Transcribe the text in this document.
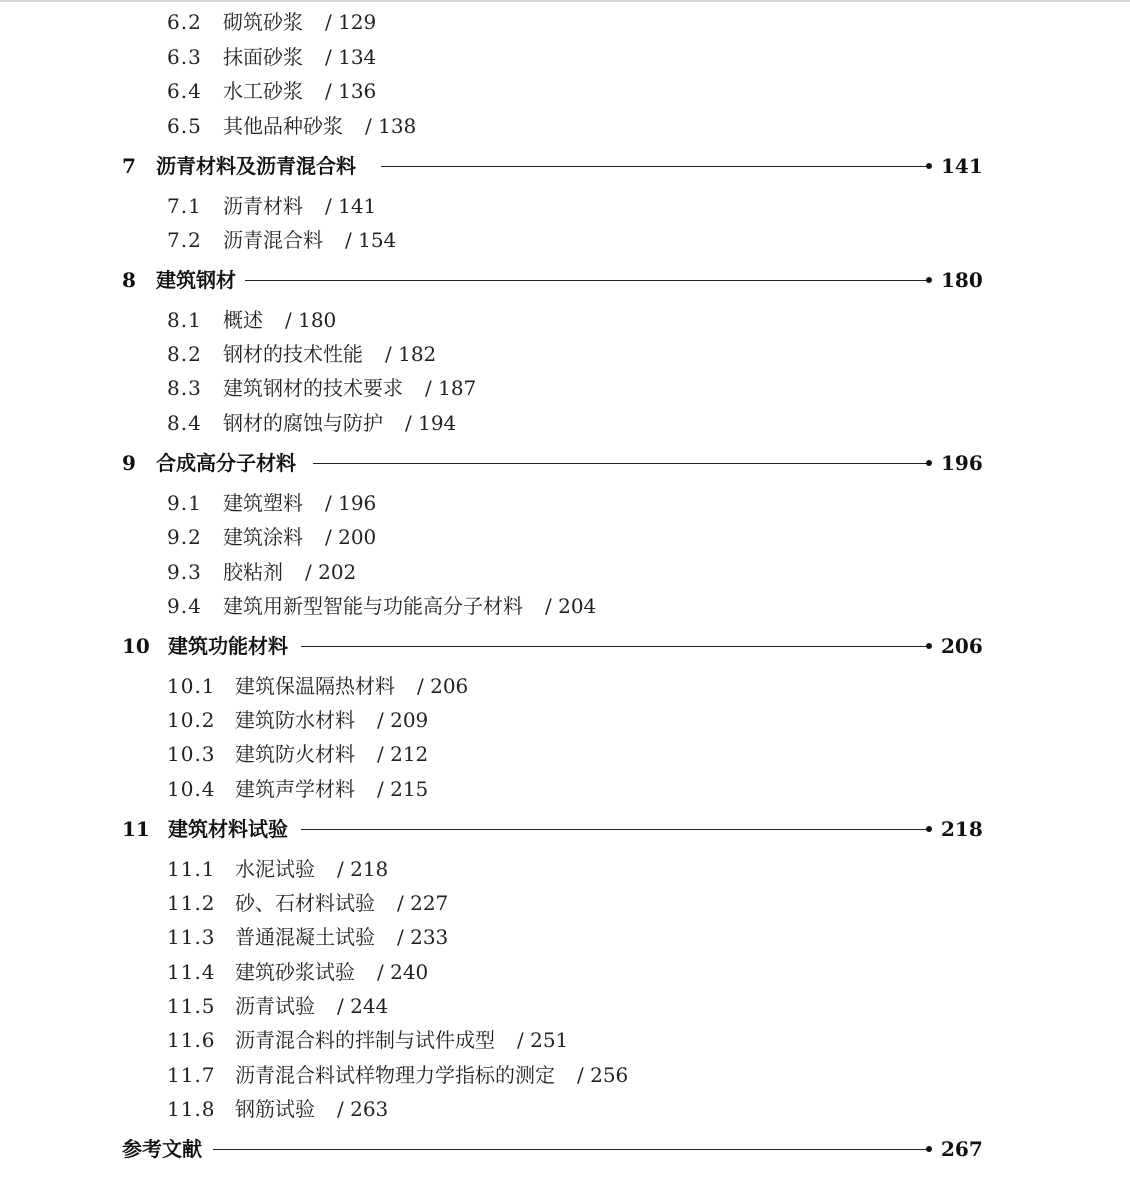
6.2 砌筑砂浆 / 129
6.3 抹面砂浆 / 134
6.4 水工砂浆 / 136
6.5 其他品种砂浆 / 138
7 沥青材料及沥青混合料	141
7.1 沥青材料 / 141
7.2 沥青混合料 / 154
8 建筑钢材	180
8.1 概述 / 180
8.2 钢材的技术性能 / 182
8.3 建筑钢材的技术要求 / 187
8.4 钢材的腐蚀与防护 / 194
9 合成高分子材料	196
9.1 建筑塑料 / 196
9.2 建筑涂料 / 200
9.3 胶粘剂 / 202
9.4 建筑用新型智能与功能高分子材料 / 204
10 建筑功能材料	206
10.1 建筑保温隔热材料 / 206
10.2 建筑防水材料 / 209
10.3 建筑防火材料 / 212
10.4 建筑声学材料 / 215
11 建筑材料试验	218
11.1 水泥试验 / 218
11.2 砂、石材料试验 / 227
11.3 普通混凝土试验 / 233
11.4 建筑砂浆试验 / 240
11.5 沥青试验 / 244
11.6 沥青混合料的拌制与试件成型 / 251
11.7 沥青混合料试样物理力学指标的测定 / 256
11.8 钢筋试验 / 263
参考文献	267
